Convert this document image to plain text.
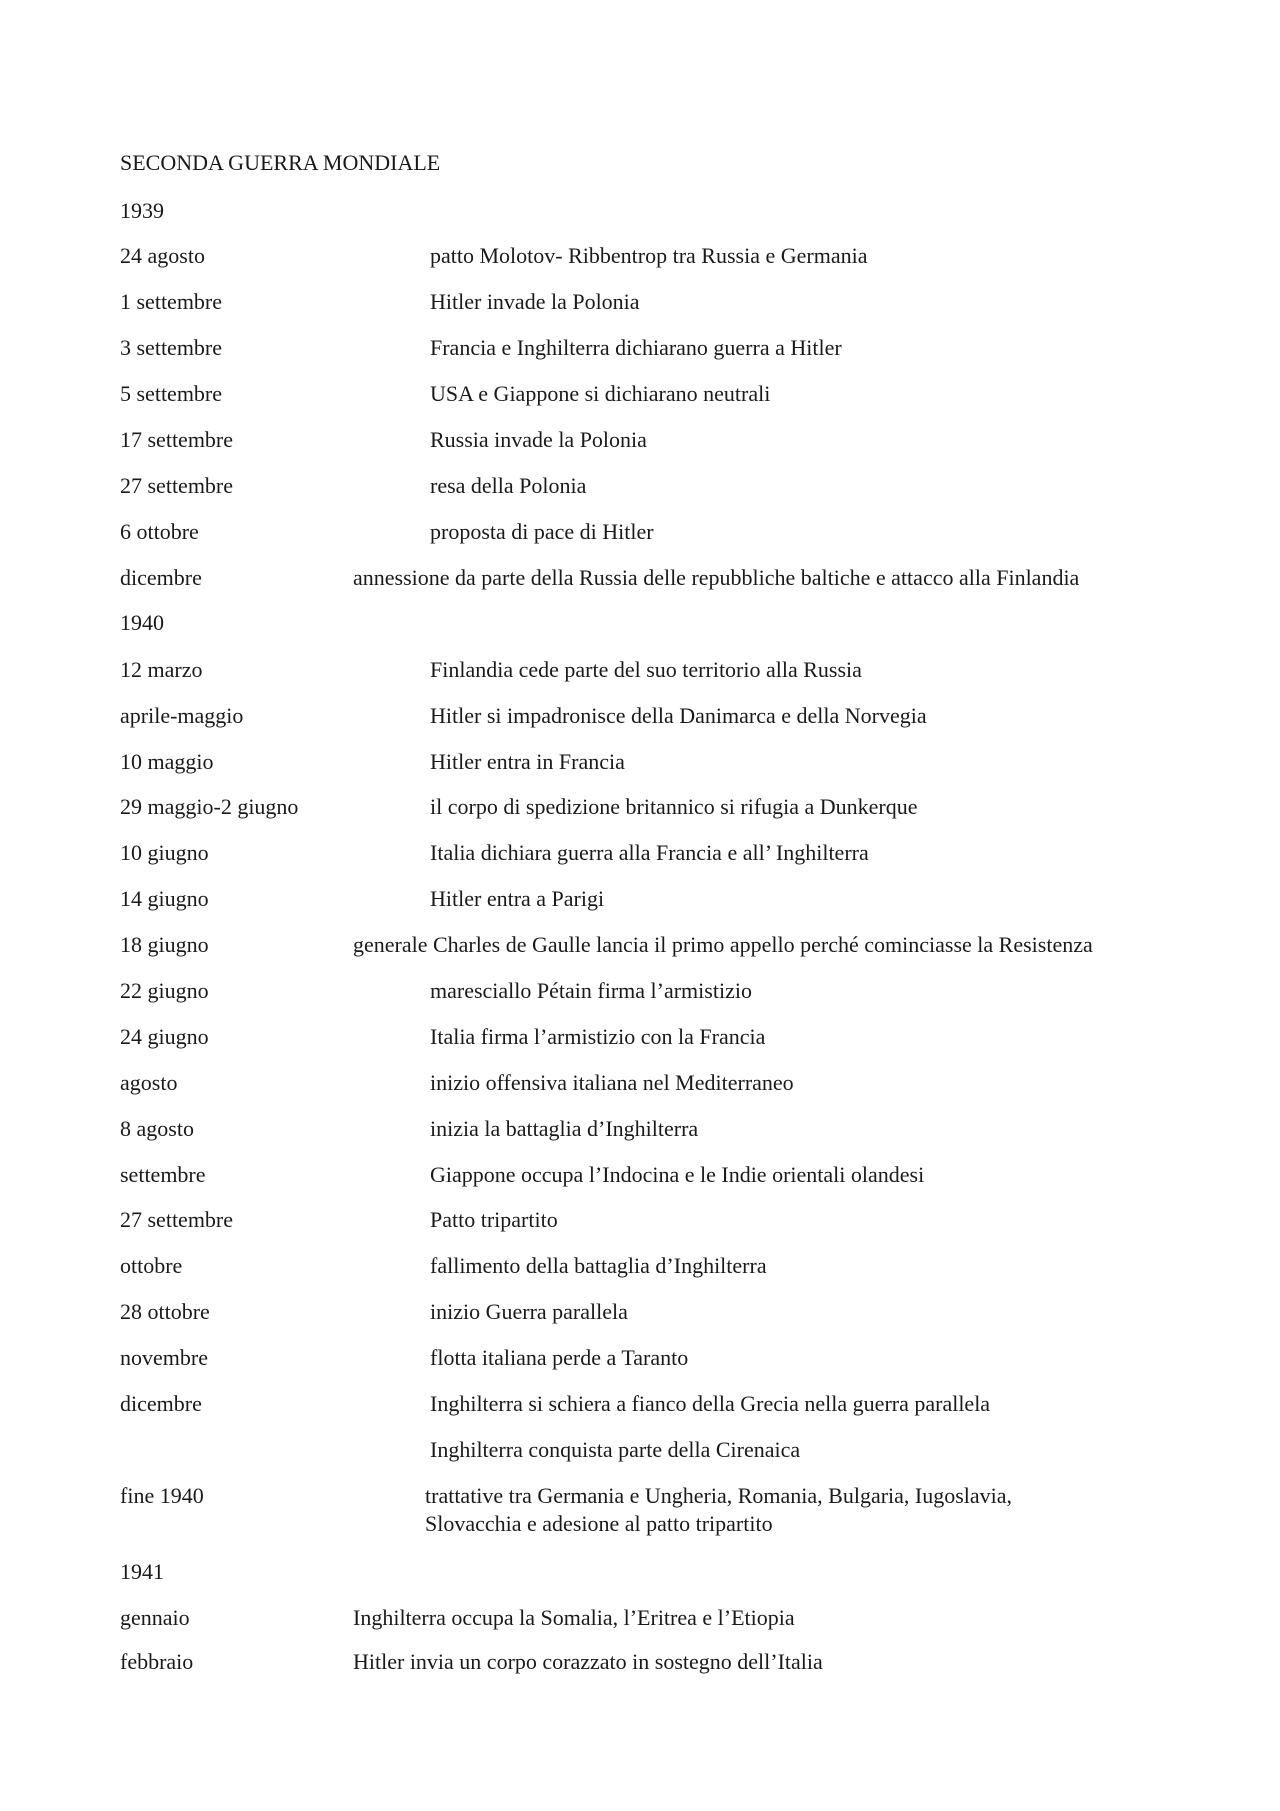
SECONDA GUERRA MONDIALE
1939
24 agosto	patto Molotov- Ribbentrop tra Russia e Germania
1 settembre	Hitler invade la Polonia
3 settembre	Francia e Inghilterra dichiarano guerra a Hitler
5 settembre	USA e Giappone si dichiarano neutrali
17 settembre	Russia invade la Polonia
27 settembre	resa della Polonia
6 ottobre	proposta di pace di Hitler
dicembre	annessione da parte della Russia delle repubbliche baltiche e attacco alla Finlandia
1940
12 marzo	Finlandia cede parte del suo territorio alla Russia
aprile-maggio	Hitler si impadronisce della Danimarca e della Norvegia
10 maggio	Hitler entra in Francia
29 maggio-2 giugno	il corpo di spedizione britannico si rifugia a Dunkerque
10 giugno	Italia dichiara guerra alla Francia e all’ Inghilterra
14 giugno	Hitler entra a Parigi
18 giugno	generale Charles de Gaulle lancia il primo appello perché cominciasse la Resistenza
22 giugno	maresciallo Pétain firma l’armistizio
24 giugno	Italia firma l’armistizio con la Francia
agosto	inizio offensiva italiana nel Mediterraneo
8 agosto	inizia la battaglia d’Inghilterra
settembre	Giappone occupa l’Indocina e le Indie orientali olandesi
27 settembre	Patto tripartito
ottobre	fallimento della battaglia d’Inghilterra
28 ottobre	inizio Guerra parallela
novembre	flotta italiana perde a Taranto
dicembre	Inghilterra si schiera a fianco della Grecia nella guerra parallela
Inghilterra conquista parte della Cirenaica
fine 1940	trattative tra Germania e Ungheria, Romania, Bulgaria, Iugoslavia, Slovacchia e adesione al patto tripartito
1941
gennaio	Inghilterra occupa la Somalia, l’Eritrea e l’Etiopia
febbraio	Hitler invia un corpo corazzato in sostegno dell’Italia
